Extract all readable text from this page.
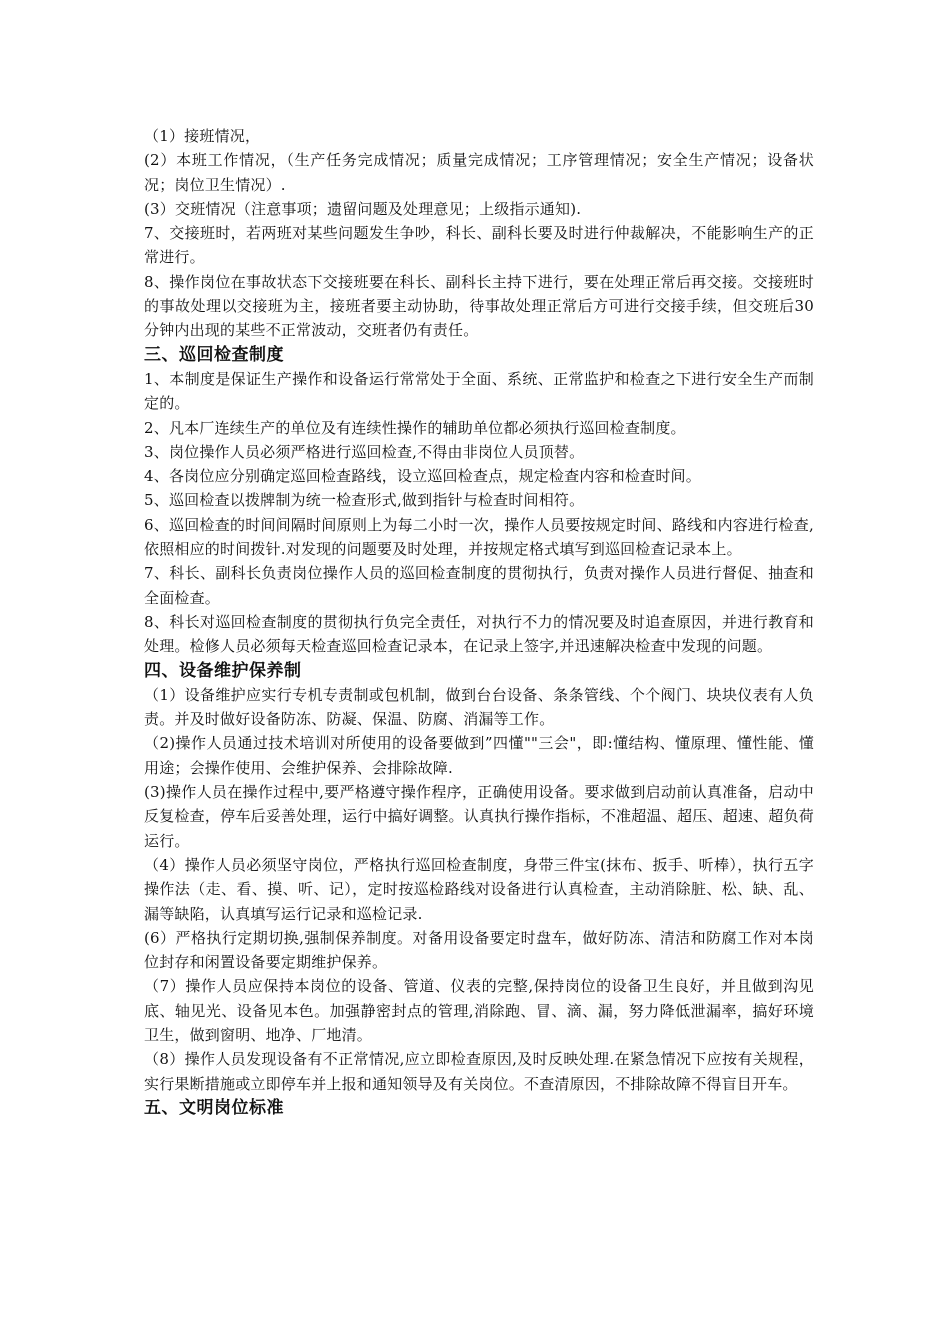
（1）接班情况，

(2）本班工作情况，（生产任务完成情况；质量完成情况；工序管理情况；安全生产情况；设备状况；岗位卫生情况）.

(3）交班情况（注意事项；遗留问题及处理意见；上级指示通知).

7、交接班时，若两班对某些问题发生争吵，科长、副科长要及时进行仲裁解决，不能影响生产的正常进行。

8、操作岗位在事故状态下交接班要在科长、副科长主持下进行，要在处理正常后再交接。交接班时的事故处理以交接班为主，接班者要主动协助，待事故处理正常后方可进行交接手续，但交班后30分钟内出现的某些不正常波动，交班者仍有责任。

三、巡回检查制度

1、本制度是保证生产操作和设备运行常常处于全面、系统、正常监护和检查之下进行安全生产而制定的。

2、凡本厂连续生产的单位及有连续性操作的辅助单位都必须执行巡回检查制度。

3、岗位操作人员必须严格进行巡回检查,不得由非岗位人员顶替。

4、各岗位应分别确定巡回检查路线，设立巡回检查点，规定检查内容和检查时间。

5、巡回检查以拨牌制为统一检查形式,做到指针与检查时间相符。

6、巡回检查的时间间隔时间原则上为每二小时一次，操作人员要按规定时间、路线和内容进行检查,依照相应的时间拨针.对发现的问题要及时处理，并按规定格式填写到巡回检查记录本上。

7、科长、副科长负责岗位操作人员的巡回检查制度的贯彻执行，负责对操作人员进行督促、抽查和全面检查。

8、科长对巡回检查制度的贯彻执行负完全责任，对执行不力的情况要及时追查原因，并进行教育和处理。检修人员必须每天检查巡回检查记录本，在记录上签字,并迅速解决检查中发现的问题。

四、设备维护保养制

（1）设备维护应实行专机专责制或包机制，做到台台设备、条条管线、个个阀门、块块仪表有人负责。并及时做好设备防冻、防凝、保温、防腐、消漏等工作。

（2)操作人员通过技术培训对所使用的设备要做到”四懂""三会"，即:懂结构、懂原理、懂性能、懂用途；会操作使用、会维护保养、会排除故障.

(3)操作人员在操作过程中,要严格遵守操作程序，正确使用设备。要求做到启动前认真准备，启动中反复检查，停车后妥善处理，运行中搞好调整。认真执行操作指标，不准超温、超压、超速、超负荷运行。

（4）操作人员必须坚守岗位，严格执行巡回检查制度，身带三件宝(抹布、扳手、听棒），执行五字操作法（走、看、摸、听、记），定时按巡检路线对设备进行认真检查，主动消除脏、松、缺、乱、漏等缺陷，认真填写运行记录和巡检记录.

(6）严格执行定期切换,强制保养制度。对备用设备要定时盘车，做好防冻、清洁和防腐工作对本岗位封存和闲置设备要定期维护保养。

（7）操作人员应保持本岗位的设备、管道、仪表的完整,保持岗位的设备卫生良好，并且做到沟见底、轴见光、设备见本色。加强静密封点的管理,消除跑、冒、滴、漏，努力降低泄漏率，搞好环境卫生，做到窗明、地净、厂地清。

（8）操作人员发现设备有不正常情况,应立即检查原因,及时反映处理.在紧急情况下应按有关规程，实行果断措施或立即停车并上报和通知领导及有关岗位。不查清原因，不排除故障不得盲目开车。

五、文明岗位标准
